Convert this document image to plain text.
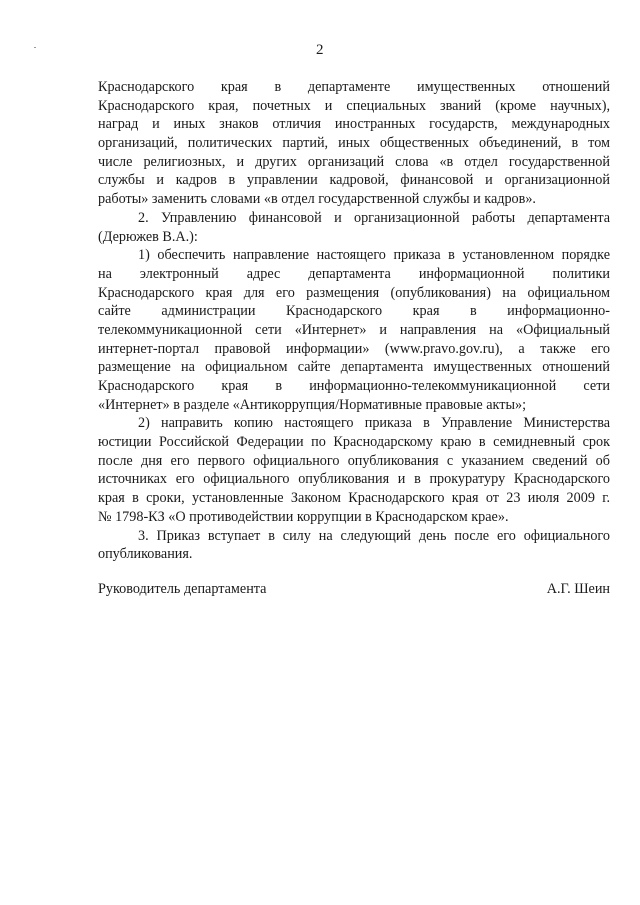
2
Краснодарского края в департаменте имущественных отношений
Краснодарского края, почетных и специальных званий (кроме научных),
наград и иных знаков отличия иностранных государств, международных
организаций, политических партий, иных общественных объединений, в том
числе религиозных, и других организаций слова «в отдел государственной
службы и кадров в управлении кадровой, финансовой и организационной
работы» заменить словами «в отдел государственной службы и кадров».
2. Управлению финансовой и организационной работы департамента
(Дерюжев В.А.):
1) обеспечить направление настоящего приказа в установленном порядке
на электронный адрес департамента информационной политики
Краснодарского края для его размещения (опубликования) на официальном
сайте администрации Краснодарского края в информационно-
телекоммуникационной сети «Интернет» и направления на «Официальный
интернет-портал правовой информации» (www.pravo.gov.ru), а также его
размещение на официальном сайте департамента имущественных отношений
Краснодарского края в информационно-телекоммуникационной сети
«Интернет» в разделе «Антикоррупция/Нормативные правовые акты»;
2) направить копию настоящего приказа в Управление Министерства
юстиции Российской Федерации по Краснодарскому краю в семидневный срок
после дня его первого официального опубликования с указанием сведений об
источниках его официального опубликования и в прокуратуру Краснодарского
края в сроки, установленные Законом Краснодарского края от 23 июля 2009 г.
№ 1798-КЗ «О противодействии коррупции в Краснодарском крае».
3. Приказ вступает в силу на следующий день после его официального
опубликования.
Руководитель департамента	А.Г. Шеин
